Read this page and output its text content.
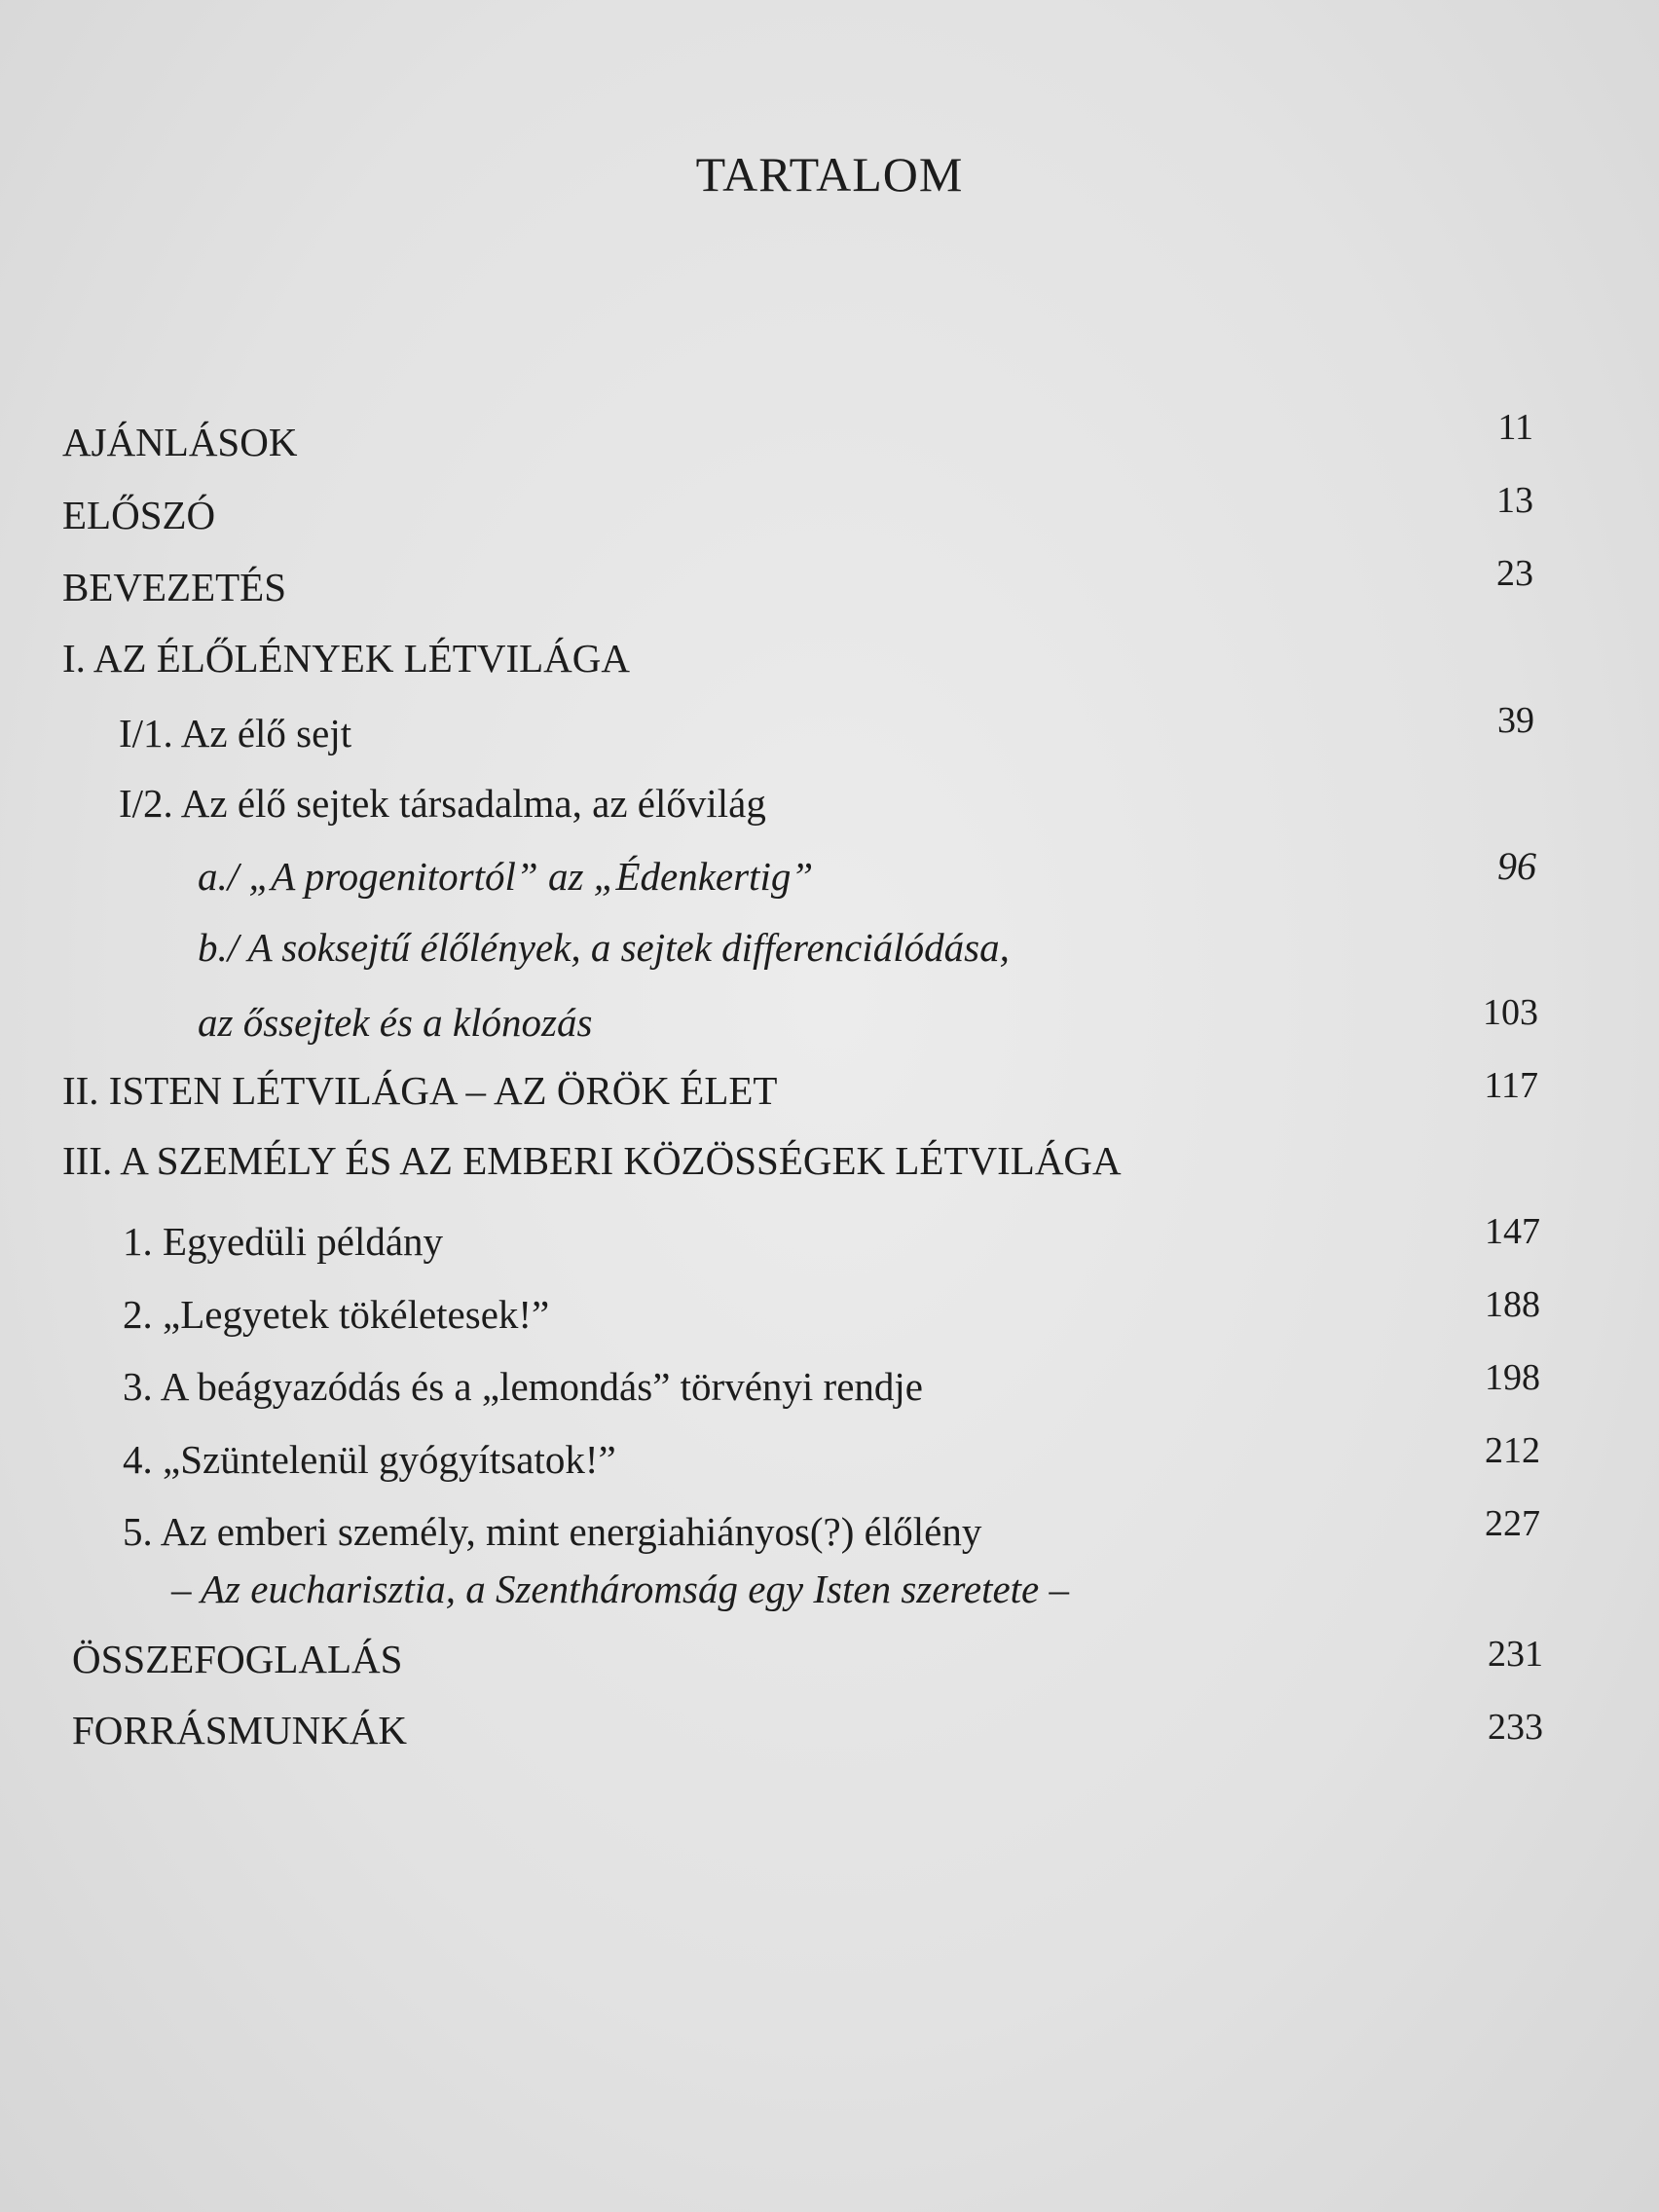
TARTALOM
AJÁNLÁSOK	11
ELŐSZÓ	13
BEVEZETÉS	23
I. AZ ÉLŐLÉNYEK LÉTVILÁGA
I/1. Az élő sejt	39
I/2. Az élő sejtek társadalma, az élővilág
a./ „A progenitortól” az „Édenkertig”	96
b./ A soksejtű élőlények, a sejtek differenciálódása,
az őssejtek és a klónozás	103
II. ISTEN LÉTVILÁGA – AZ ÖRÖK ÉLET	117
III. A SZEMÉLY ÉS AZ EMBERI KÖZÖSSÉGEK LÉTVILÁGA
1. Egyedüli példány	147
2. „Legyetek tökéletesek!”	188
3. A beágyazódás és a „lemondás” törvényi rendje	198
4. „Szüntelenül gyógyítsatok!”	212
5. Az emberi személy, mint energiahiányos(?) élőlény	227
– Az eucharisztia, a Szentháromság egy Isten szeretete –
ÖSSZEFOGLALÁS	231
FORRÁSMUNKÁK	233
